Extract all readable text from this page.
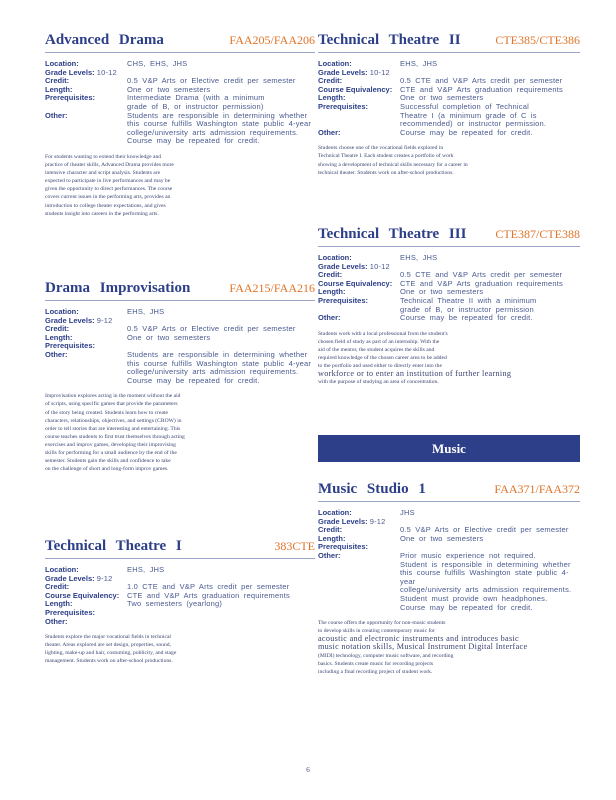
Advanced Drama	FAA205/FAA206
Location:	CHS, EHS, JHS
Grade Levels: 10-12
Credit:	0.5 V&P Arts or Elective credit per semester
Length:	One or two semesters
Prerequisites:	Intermediate Drama (with a minimum
grade of B, or instructor permission)
Other:	Students are responsible in determining whether
this course fulfills Washington state public 4-year
college/university arts admission requirements.
Course may be repeated for credit.
For students wanting to extend their knowledge and
practice of theater skills, Advanced Drama provides more
intensive character and script analysis. Students are
expected to participate in live performances and may be
given the opportunity to direct performances. The course
covers current issues in the performing arts, provides an
introduction to college theater expectations, and gives
students insight into careers in the performing arts.
Drama Improvisation	FAA215/FAA216
Location:	EHS, JHS
Grade Levels: 9-12
Credit:	0.5 V&P Arts or Elective credit per semester
Length:	One or two semesters
Prerequisites:
Other:	Students are responsible in determining whether
this course fulfills Washington state public 4-year
college/university arts admission requirements.
Course may be repeated for credit.
Improvisation explores acting in the moment without the aid
of scripts, using specific games that provide the parameters
of the story being created. Students learn how to create
characters, relationships, objectives, and settings (CROW) in
order to tell stories that are interesting and entertaining. This
course teaches students to first trust themselves through acting
exercises and improv games, developing their improvising
skills for performing for a small audience by the end of the
semester. Students gain the skills and confidence to take
on the challenge of short and long-form improv games.
Technical Theatre I	383CTE
Location:	EHS, JHS
Grade Levels: 9-12
Credit:	1.0 CTE and V&P Arts credit per semester
Course Equivalency:	CTE and V&P Arts graduation requirements
Length:	Two semesters (yearlong)
Prerequisites:
Other:
Students explore the major vocational fields in technical
theater. Areas explored are set design, properties, sound,
lighting, make-up and hair, costuming, publicity, and stage
management. Students work on after-school productions.
Technical Theatre II	CTE385/CTE386
Location:	EHS, JHS
Grade Levels: 10-12
Credit:	0.5 CTE and V&P Arts credit per semester
Course Equivalency:	CTE and V&P Arts graduation requirements
Length:	One or two semesters
Prerequisites:	Successful completion of Technical
Theatre I (a minimum grade of C is
recommended) or instructor permission.
Other:	Course may be repeated for credit.
Students choose one of the vocational fields explored in
Technical Theatre I. Each student creates a portfolio of work
showing a development of technical skills necessary for a career in
technical theater. Students work on after-school productions.
Technical Theatre III CTE387/CTE388
Location:	EHS, JHS
Grade Levels: 10-12
Credit:	0.5 CTE and V&P Arts credit per semester
Course Equivalency:	CTE and V&P Arts graduation requirements
Length:	One or two semesters
Prerequisites:	Technical Theatre II with a minimum
grade of B, or instructor permission
Other:	Course may be repeated for credit.
Students work with a local professional from the student's
chosen field of study as part of an internship. With the
aid of the mentor, the student acquires the skills and
required knowledge of the chosen career area to be added
to the portfolio and used either to directly enter into the
workforce or to enter an institution of further learning
with the purpose of studying an area of concentration.
Music Studio 1	FAA371/FAA372
Location:	JHS
Grade Levels: 9-12
Credit:	0.5 V&P Arts or Elective credit per semester
Length:	One or two semesters
Prerequisites:
Other:	Prior music experience not required.
Student is responsible in determining whether
this course fulfills Washington state public 4-year
college/university arts admission requirements.
Student must provide own headphones.
Course may be repeated for credit.
The course offers the opportunity for non-music students
to develop skills in creating contemporary music for
acoustic and electronic instruments and introduces basic
music notation skills, Musical Instrument Digital Interface
(MIDI) technology, computer music software, and recording
basics. Students create music for recording projects
including a final recording project of student work.
Music
6
